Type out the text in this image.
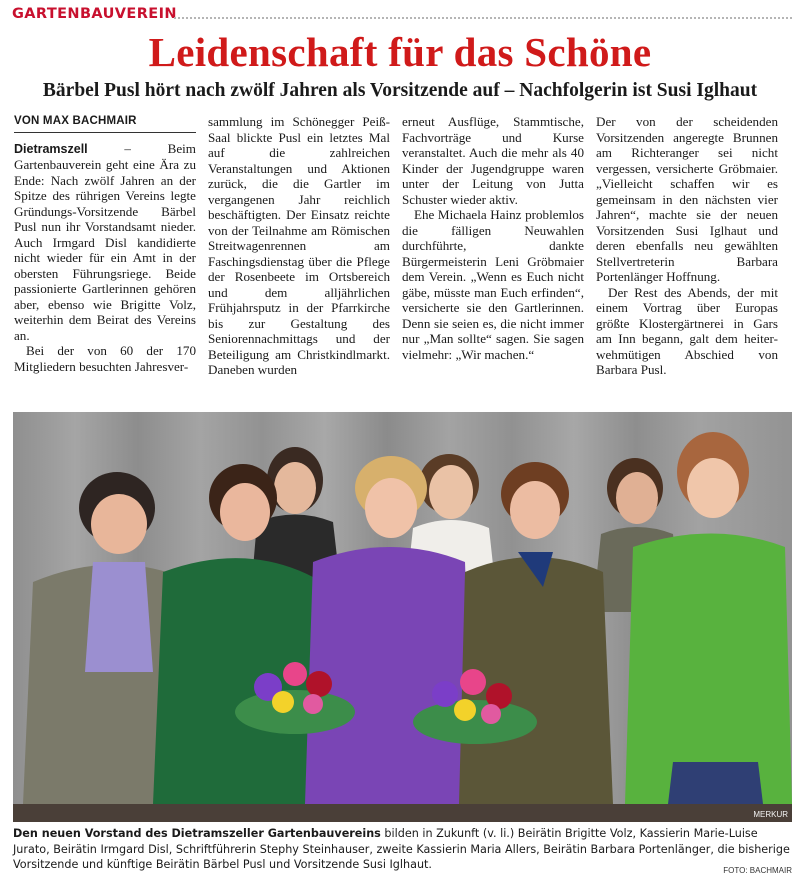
GARTENBAUVEREIN
Leidenschaft für das Schöne
Bärbel Pusl hört nach zwölf Jahren als Vorsitzende auf – Nachfolgerin ist Susi Iglhaut
VON MAX BACHMAIR

Dietramszell – Beim Gartenbauverein geht eine Ära zu Ende: Nach zwölf Jahren an der Spitze des rührigen Vereins legte Gründungs-Vorsitzende Bärbel Pusl nun ihr Vorstandsamt nieder. Auch Irmgard Disl kandidierte nicht wieder für ein Amt in der obersten Führungsriege. Beide passionierte Gartlerinnen gehören aber, ebenso wie Brigitte Volz, weiterhin dem Beirat des Vereins an.

Bei der von 60 der 170 Mitgliedern besuchten Jahresver-

sammlung im Schönegger Peiß-Saal blickte Pusl ein letztes Mal auf die zahlreichen Veranstaltungen und Aktionen zurück, die die Gartler im vergangenen Jahr reichlich beschäftigten. Der Einsatz reichte von der Teilnahme am Römischen Streitwagenrennen am Faschingsdienstag über die Pflege der Rosenbeete im Ortsbereich und dem alljährlichen Frühjahrsputz in der Pfarrkirche bis zur Gestaltung des Seniorennachmittags und der Beteiligung am Christkindlmarkt. Daneben wurden

erneut Ausflüge, Stammtische, Fachvorträge und Kurse veranstaltet. Auch die mehr als 40 Kinder der Jugendgruppe waren unter der Leitung von Jutta Schuster wieder aktiv.

Ehe Michaela Hainz problemlos die fälligen Neuwahlen durchführte, dankte Bürgermeisterin Leni Gröbmaier dem Verein. „Wenn es Euch nicht gäbe, müsste man Euch erfinden“, versicherte sie den Gartlerinnen. Denn sie seien es, die nicht immer nur „Man sollte“ sagen. Sie sagen vielmehr: „Wir machen.“

Der von der scheidenden Vorsitzenden angeregte Brunnen am Richteranger sei nicht vergessen, versicherte Gröbmaier. „Vielleicht schaffen wir es gemeinsam in den nächsten vier Jahren“, machte sie der neuen Vorsitzenden Susi Iglhaut und deren ebenfalls neu gewählten Stellvertreterin Barbara Portenlänger Hoffnung.

Der Rest des Abends, der mit einem Vortrag über Europas größte Klostergärtnerei in Gars am Inn begann, galt dem heiter-wehmütigen Abschied von Barbara Pusl.

MERKUR
Den neuen Vorstand des Dietramszeller Gartenbauvereins bilden in Zukunft (v. li.) Beirätin Brigitte Volz, Kassierin Marie-Luise Jurato, Beirätin Irmgard Disl, Schriftführerin Stephy Steinhauser, zweite Kassierin Maria Allers, Beirätin Barbara Portenlänger, die bisherige Vorsitzende und künftige Beirätin Bärbel Pusl und Vorsitzende Susi Iglhaut.	FOTO: BACHMAIR
